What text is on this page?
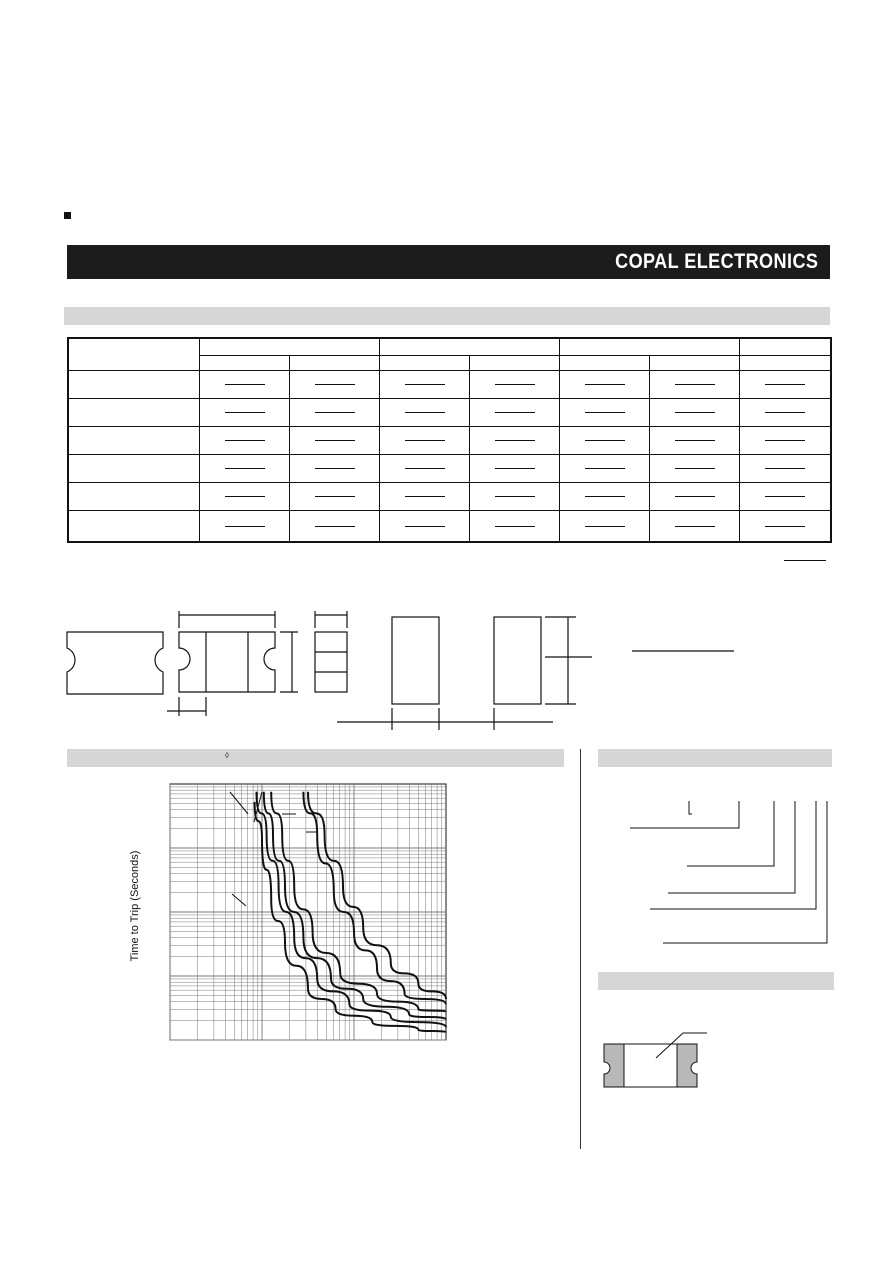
COPAL ELECTRONICS

◊
Time to Trip (Seconds)
